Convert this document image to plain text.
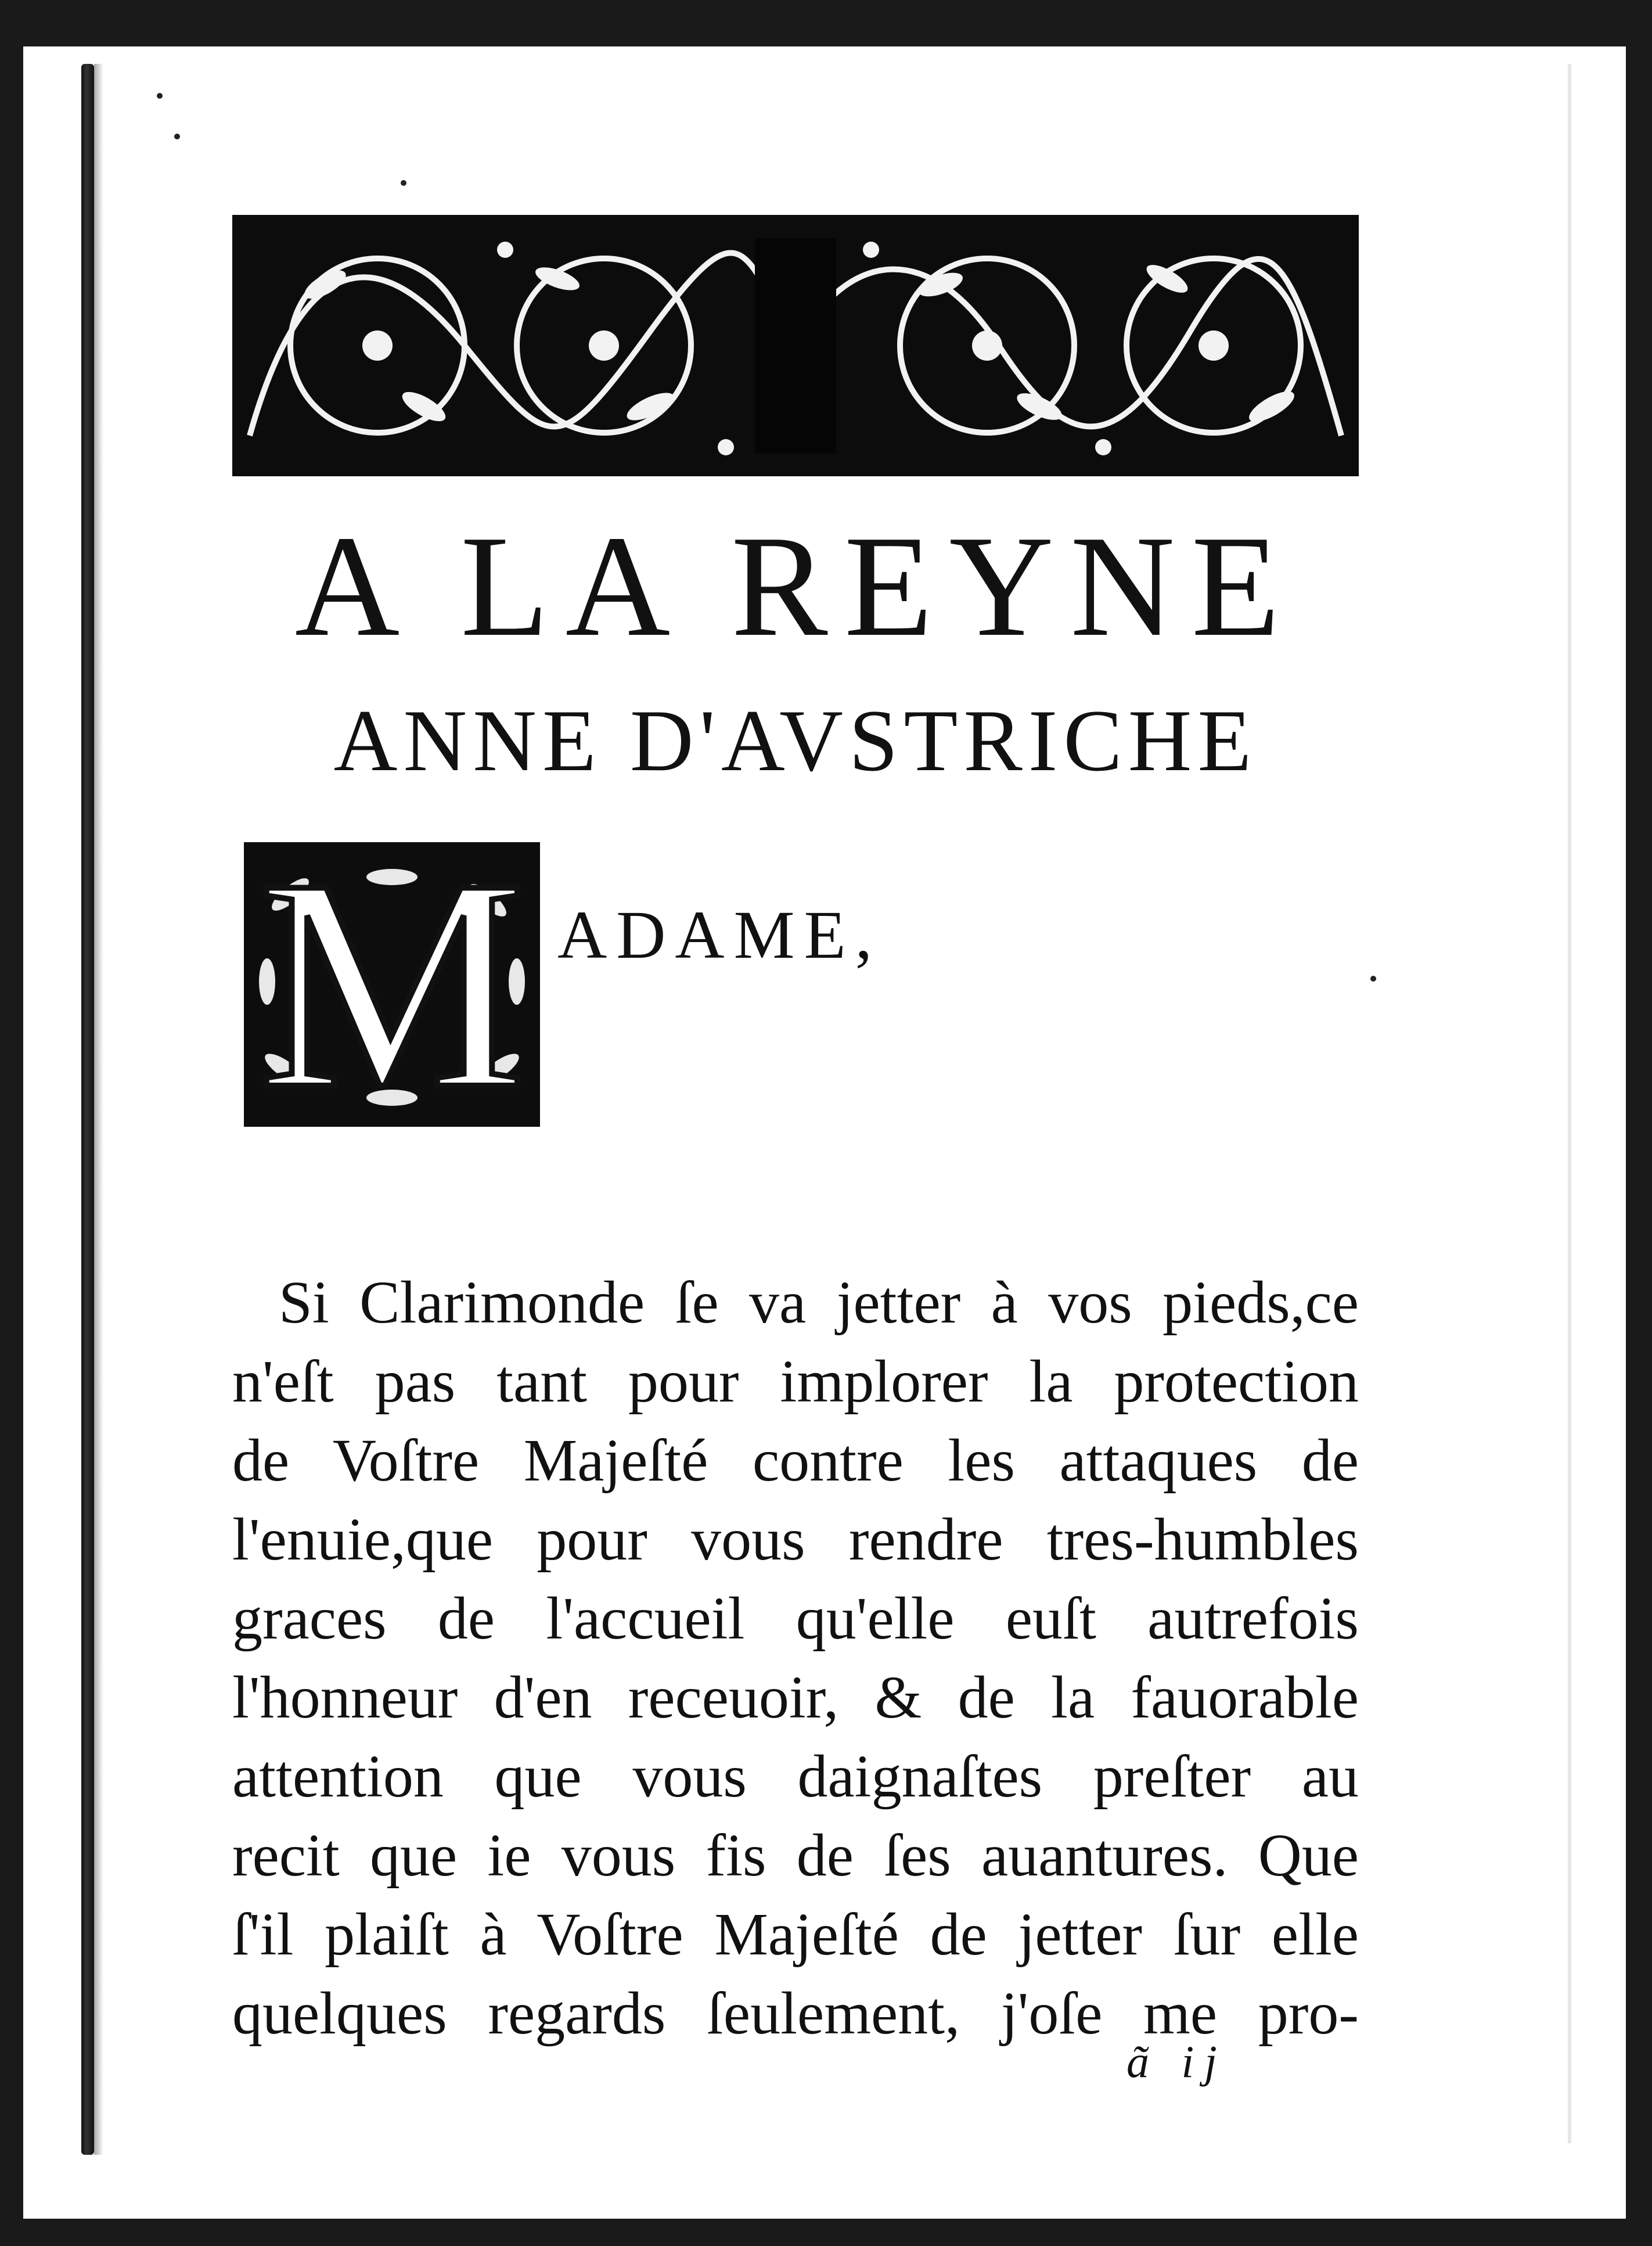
A LA REYNE
ANNE D'AVSTRICHE
M ADAME,
Si Clarimonde ſe va jetter à vos pieds,ce
n'eſt pas tant pour implorer la protection
de Voſtre Majeſté contre les attaques de
l'enuie,que pour vous rendre tres-humbles
graces de l'accueil qu'elle euſt autrefois
l'honneur d'en receuoir, & de la fauorable
attention que vous daignaſtes preſter au
recit que ie vous fis de ſes auantures. Que
ſ'il plaiſt à Voſtre Majeſté de jetter ſur elle
quelques regards ſeulement, j'oſe me pro-
ã ij
